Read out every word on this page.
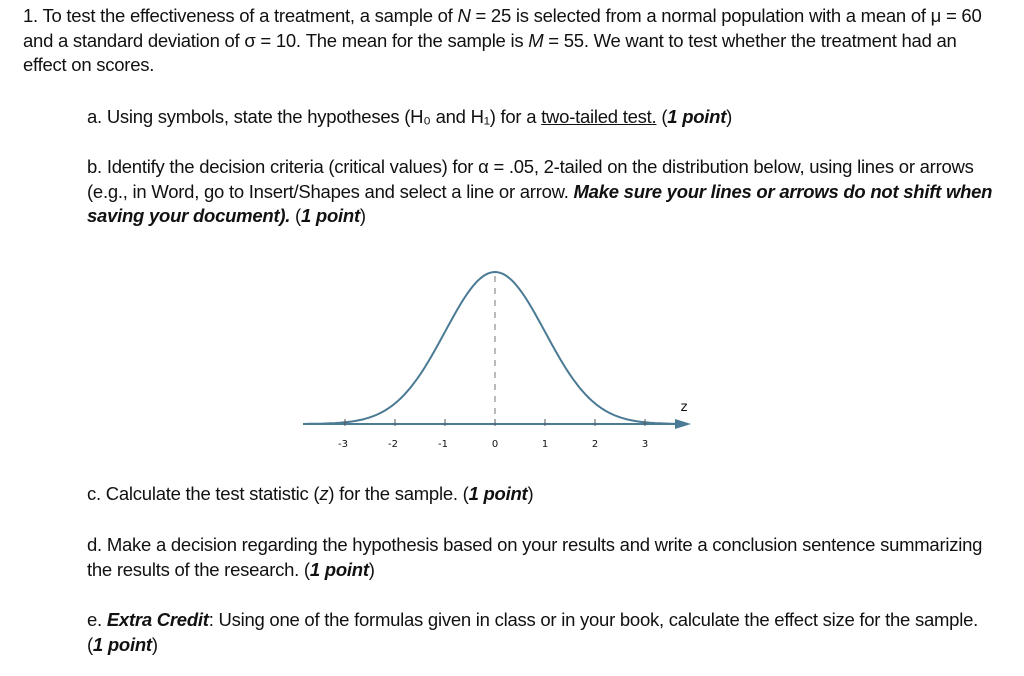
1. To test the effectiveness of a treatment, a sample of N = 25 is selected from a normal population with a mean of μ = 60 and a standard deviation of σ = 10. The mean for the sample is M = 55. We want to test whether the treatment had an effect on scores.
a. Using symbols, state the hypotheses (H₀ and H₁) for a two-tailed test. (1 point)
b. Identify the decision criteria (critical values) for α = .05, 2-tailed on the distribution below, using lines or arrows (e.g., in Word, go to Insert/Shapes and select a line or arrow. Make sure your lines or arrows do not shift when saving your document). (1 point)
-3	-2	-1	0	1	2	3
z
c. Calculate the test statistic (z) for the sample. (1 point)
d. Make a decision regarding the hypothesis based on your results and write a conclusion sentence summarizing the results of the research. (1 point)
e. Extra Credit: Using one of the formulas given in class or in your book, calculate the effect size for the sample. (1 point)
